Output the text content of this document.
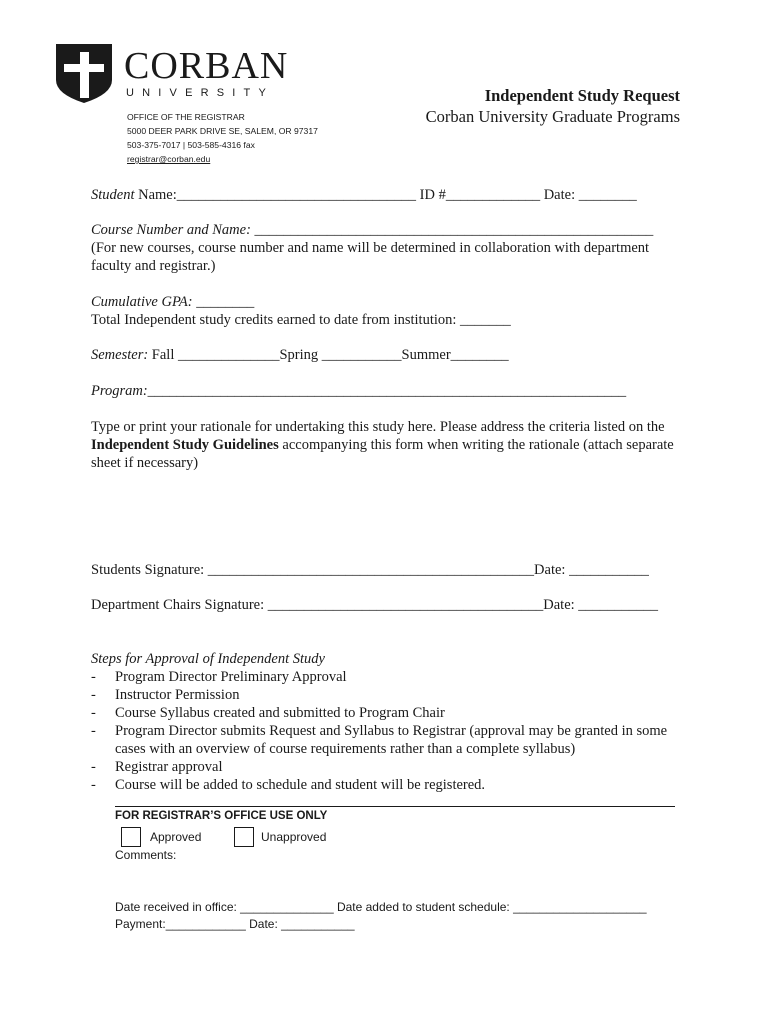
CORBAN
UNIVERSITY
OFFICE OF THE REGISTRAR
5000 DEER PARK DRIVE SE, SALEM, OR 97317
503-375-7017 | 503-585-4316 fax
registrar@corban.edu
Independent Study Request
Corban University Graduate Programs
Student Name:_________________________________ ID #_____________ Date: ________
Course Number and Name: _______________________________________________________
(For new courses, course number and name will be determined in collaboration with department faculty and registrar.)
Cumulative GPA: ________
Total Independent study credits earned to date from institution: _______
Semester: Fall ______________Spring ___________Summer________
Program:__________________________________________________________________
Type or print your rationale for undertaking this study here. Please address the criteria listed on the Independent Study Guidelines accompanying this form when writing the rationale (attach separate sheet if necessary)
Students Signature: _____________________________________________Date: ___________
Department Chairs Signature: ______________________________________Date: ___________
Steps for Approval of Independent Study
- Program Director Preliminary Approval
- Instructor Permission
- Course Syllabus created and submitted to Program Chair
- Program Director submits Request and Syllabus to Registrar (approval may be granted in some cases with an overview of course requirements rather than a complete syllabus)
- Registrar approval
- Course will be added to schedule and student will be registered.
FOR REGISTRAR’S OFFICE USE ONLY
Approved	Unapproved
Comments:
Date received in office: ______________ Date added to student schedule: ____________________
Payment:____________ Date: ___________
